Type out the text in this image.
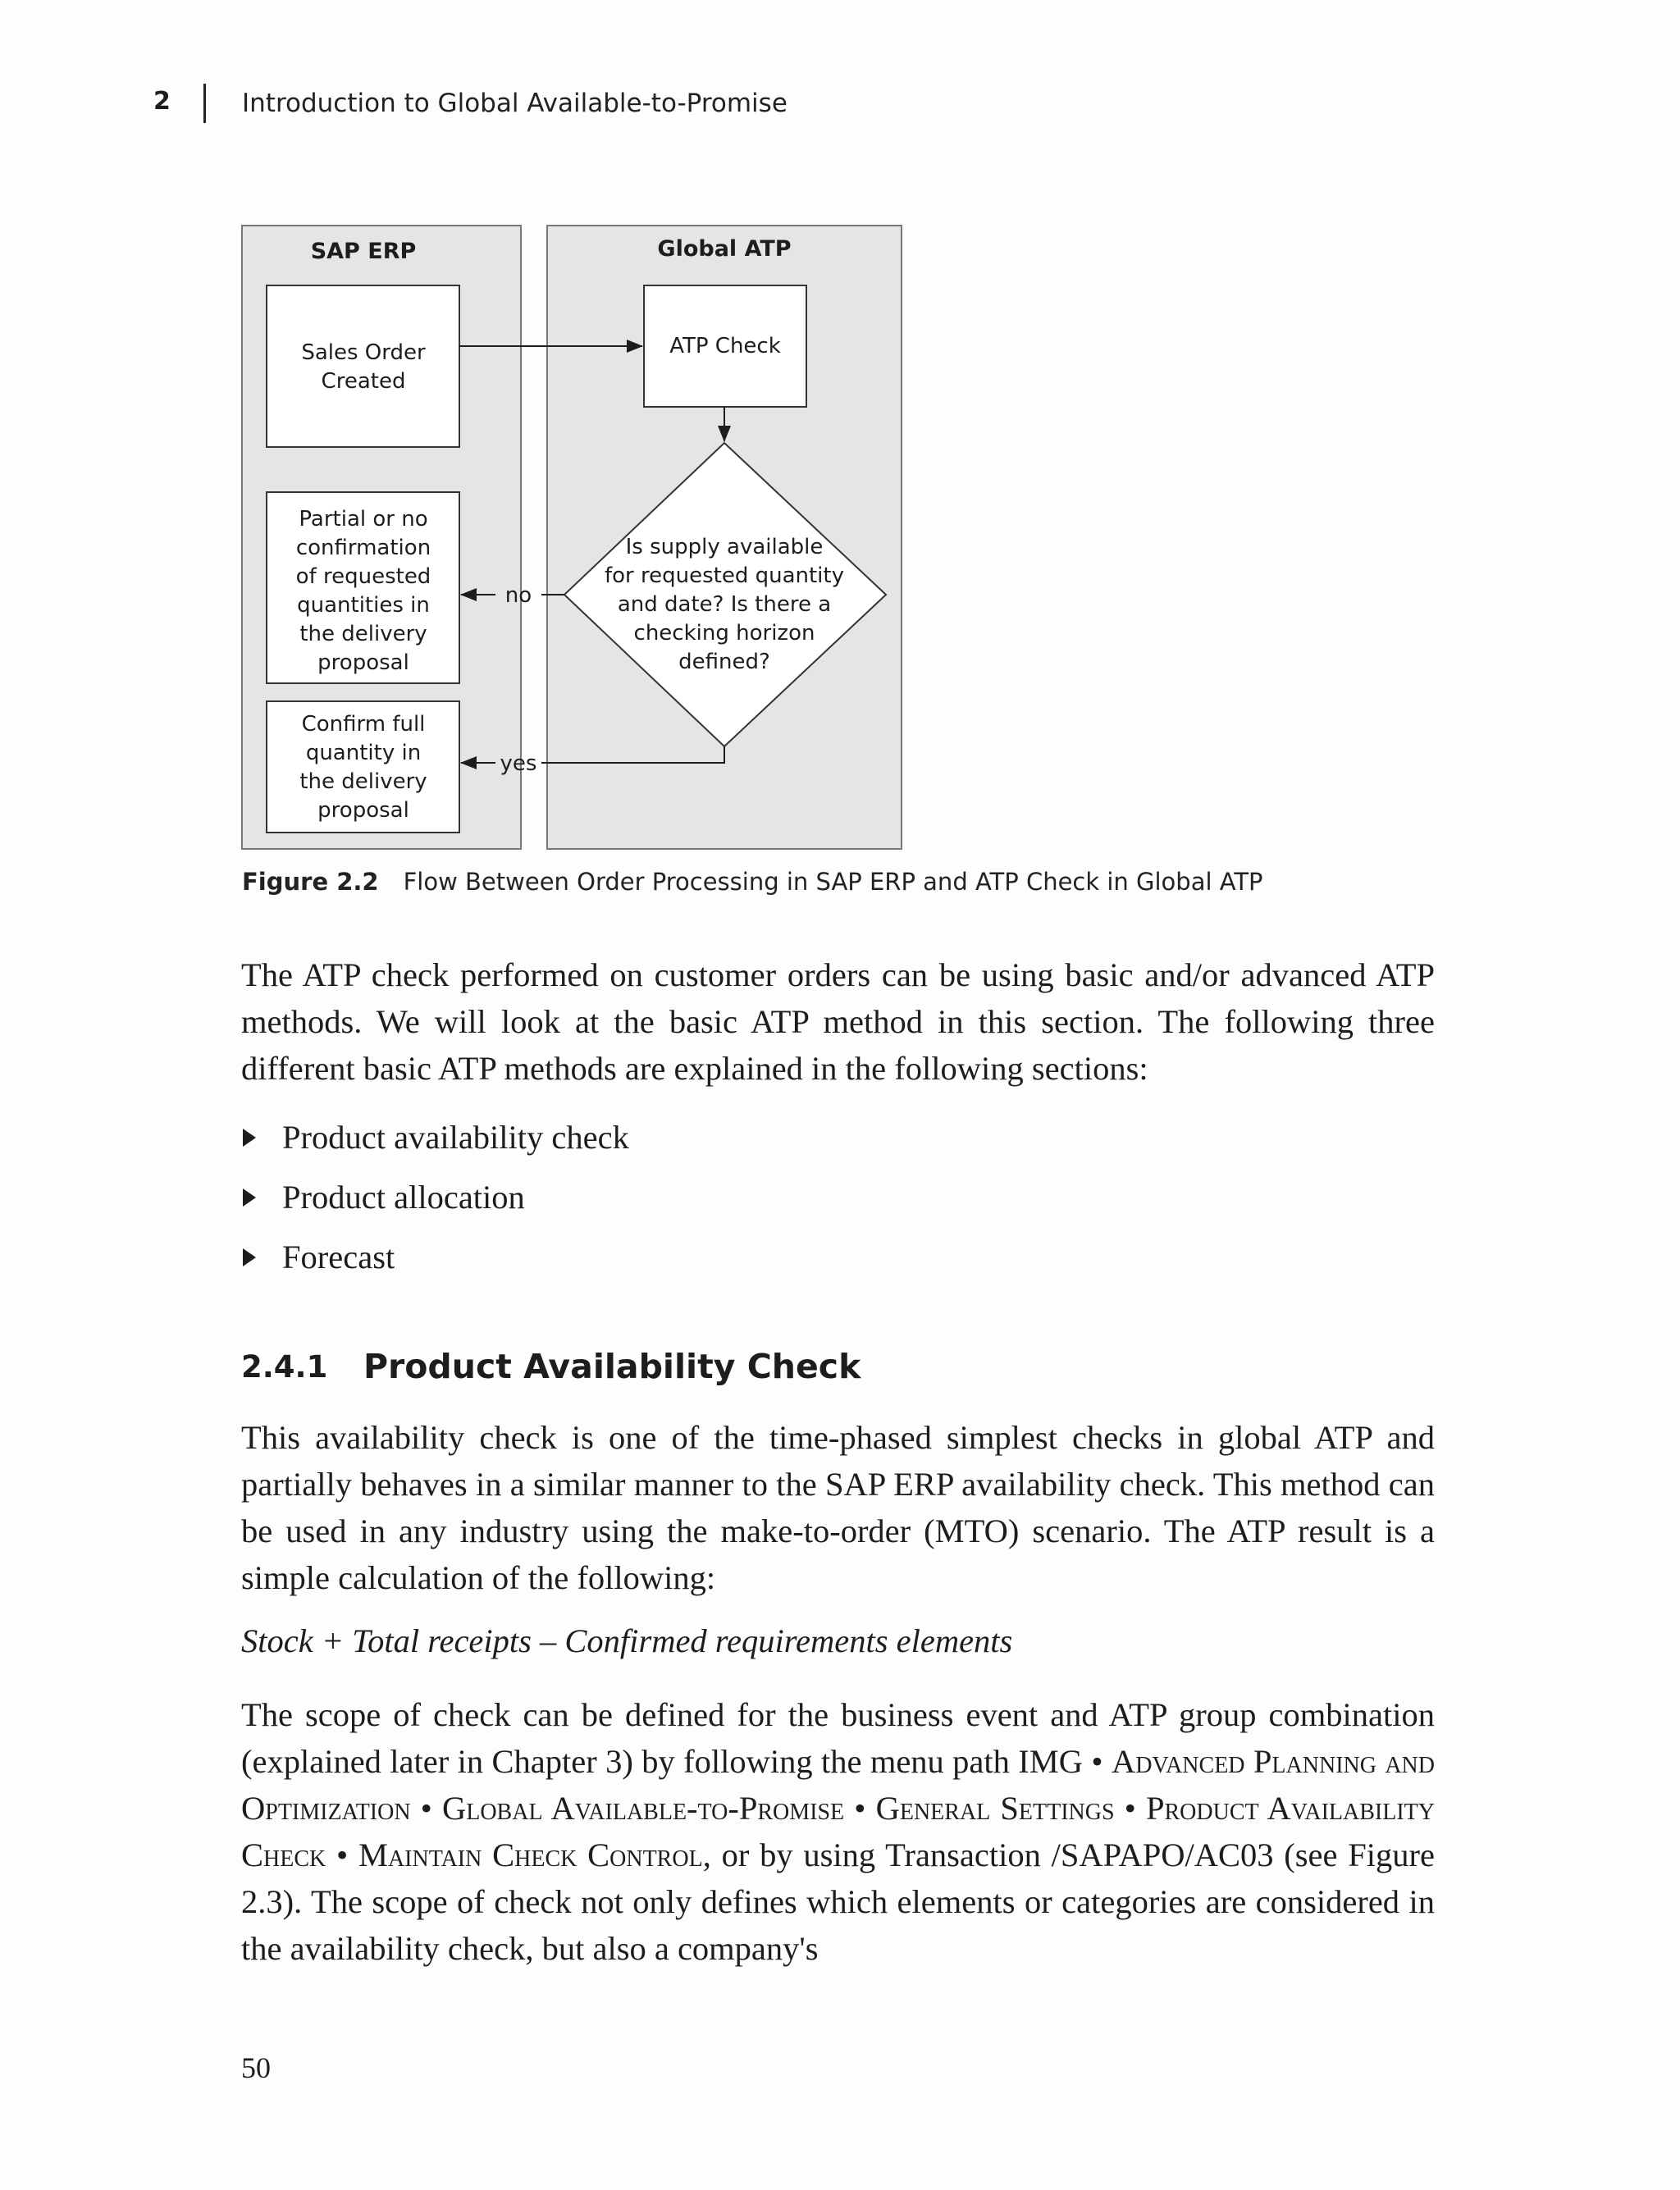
2	Introduction to Global Available-to-Promise
SAP ERP	Global ATP
Sales Order Created
ATP Check
Partial or no confirmation of requested quantities in the delivery proposal
Confirm full quantity in the delivery proposal
Is supply available for requested quantity and date? Is there a checking horizon defined?
no
yes
Figure 2.2 Flow Between Order Processing in SAP ERP and ATP Check in Global ATP
The ATP check performed on customer orders can be using basic and/or advanced ATP methods. We will look at the basic ATP method in this section. The following three different basic ATP methods are explained in the following sections:
Product availability check
Product allocation
Forecast
2.4.1 Product Availability Check
This availability check is one of the time-phased simplest checks in global ATP and partially behaves in a similar manner to the SAP ERP availability check. This method can be used in any industry using the make-to-order (MTO) scenario. The ATP result is a simple calculation of the following:
Stock + Total receipts – Confirmed requirements elements
The scope of check can be defined for the business event and ATP group combination (explained later in Chapter 3) by following the menu path IMG • Advanced Planning and Optimization • Global Available-to-Promise • General Settings • Product Availability Check • Maintain Check Control, or by using Transaction /SAPAPO/AC03 (see Figure 2.3). The scope of check not only defines which elements or categories are considered in the availability check, but also a company's
50
